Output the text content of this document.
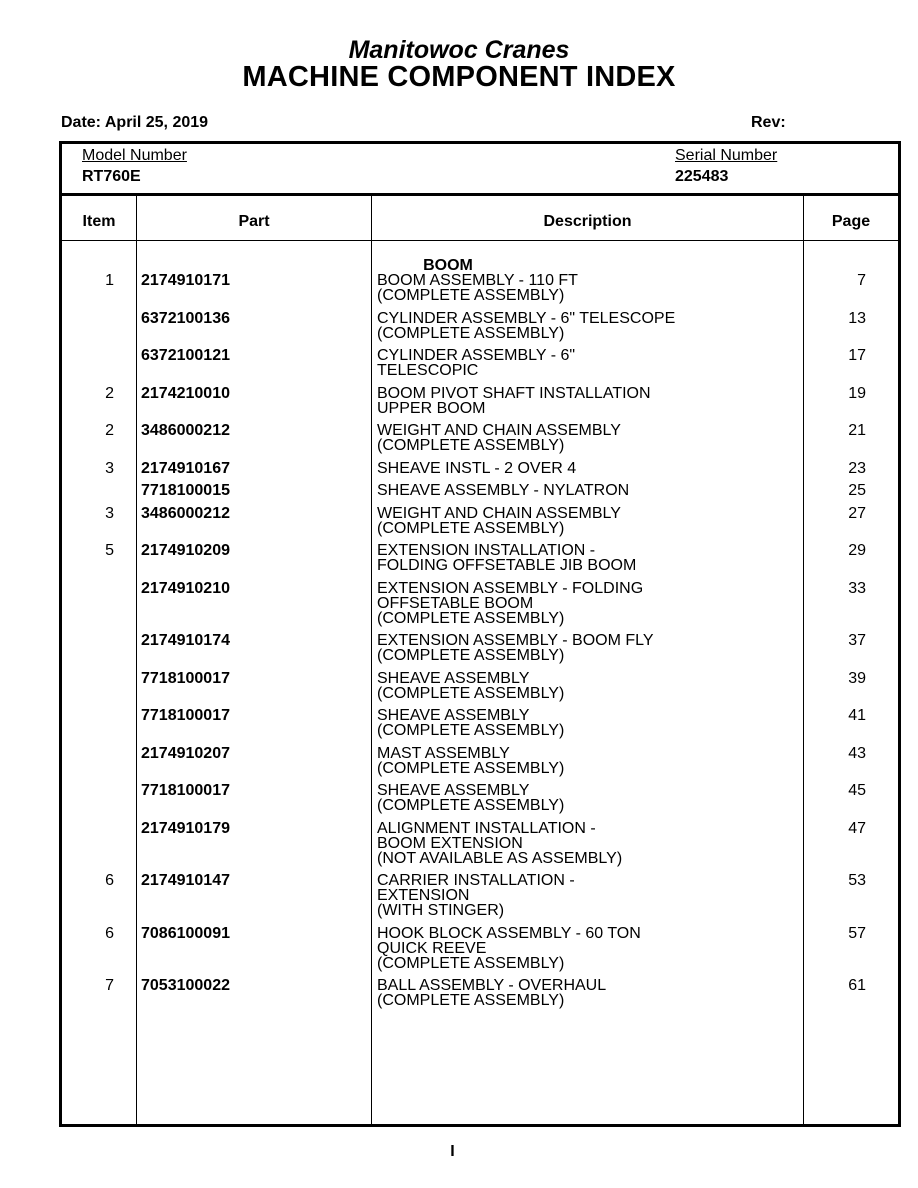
Manitowoc Cranes
MACHINE COMPONENT INDEX
Date: April 25, 2019	Rev:
Model Number
RT760E
Serial Number
225483
Item	Part	Description	Page
BOOM
1 2174910171	BOOM ASSEMBLY - 110 FT
(COMPLETE ASSEMBLY)
7
6372100136	CYLINDER ASSEMBLY - 6" TELESCOPE
(COMPLETE ASSEMBLY)
13
6372100121	CYLINDER ASSEMBLY - 6"
TELESCOPIC
17
2 2174210010	BOOM PIVOT SHAFT INSTALLATION
UPPER BOOM
19
2 3486000212	WEIGHT AND CHAIN ASSEMBLY
(COMPLETE ASSEMBLY)
21
3 2174910167	SHEAVE INSTL - 2 OVER 4	23
7718100015	SHEAVE ASSEMBLY - NYLATRON	25
3 3486000212	WEIGHT AND CHAIN ASSEMBLY
(COMPLETE ASSEMBLY)
27
5 2174910209	EXTENSION INSTALLATION -
FOLDING OFFSETABLE JIB BOOM
29
2174910210	EXTENSION ASSEMBLY - FOLDING
OFFSETABLE BOOM
(COMPLETE ASSEMBLY)
33
2174910174	EXTENSION ASSEMBLY - BOOM FLY
(COMPLETE ASSEMBLY)
37
7718100017	SHEAVE ASSEMBLY
(COMPLETE ASSEMBLY)
39
7718100017	SHEAVE ASSEMBLY
(COMPLETE ASSEMBLY)
41
2174910207	MAST ASSEMBLY
(COMPLETE ASSEMBLY)
43
7718100017	SHEAVE ASSEMBLY
(COMPLETE ASSEMBLY)
45
2174910179	ALIGNMENT INSTALLATION -
BOOM EXTENSION
(NOT AVAILABLE AS ASSEMBLY)
47
6 2174910147	CARRIER INSTALLATION -
EXTENSION
(WITH STINGER)
53
6 7086100091	HOOK BLOCK ASSEMBLY - 60 TON
QUICK REEVE
(COMPLETE ASSEMBLY)
57
7 7053100022	BALL ASSEMBLY - OVERHAUL
(COMPLETE ASSEMBLY)
61
I
